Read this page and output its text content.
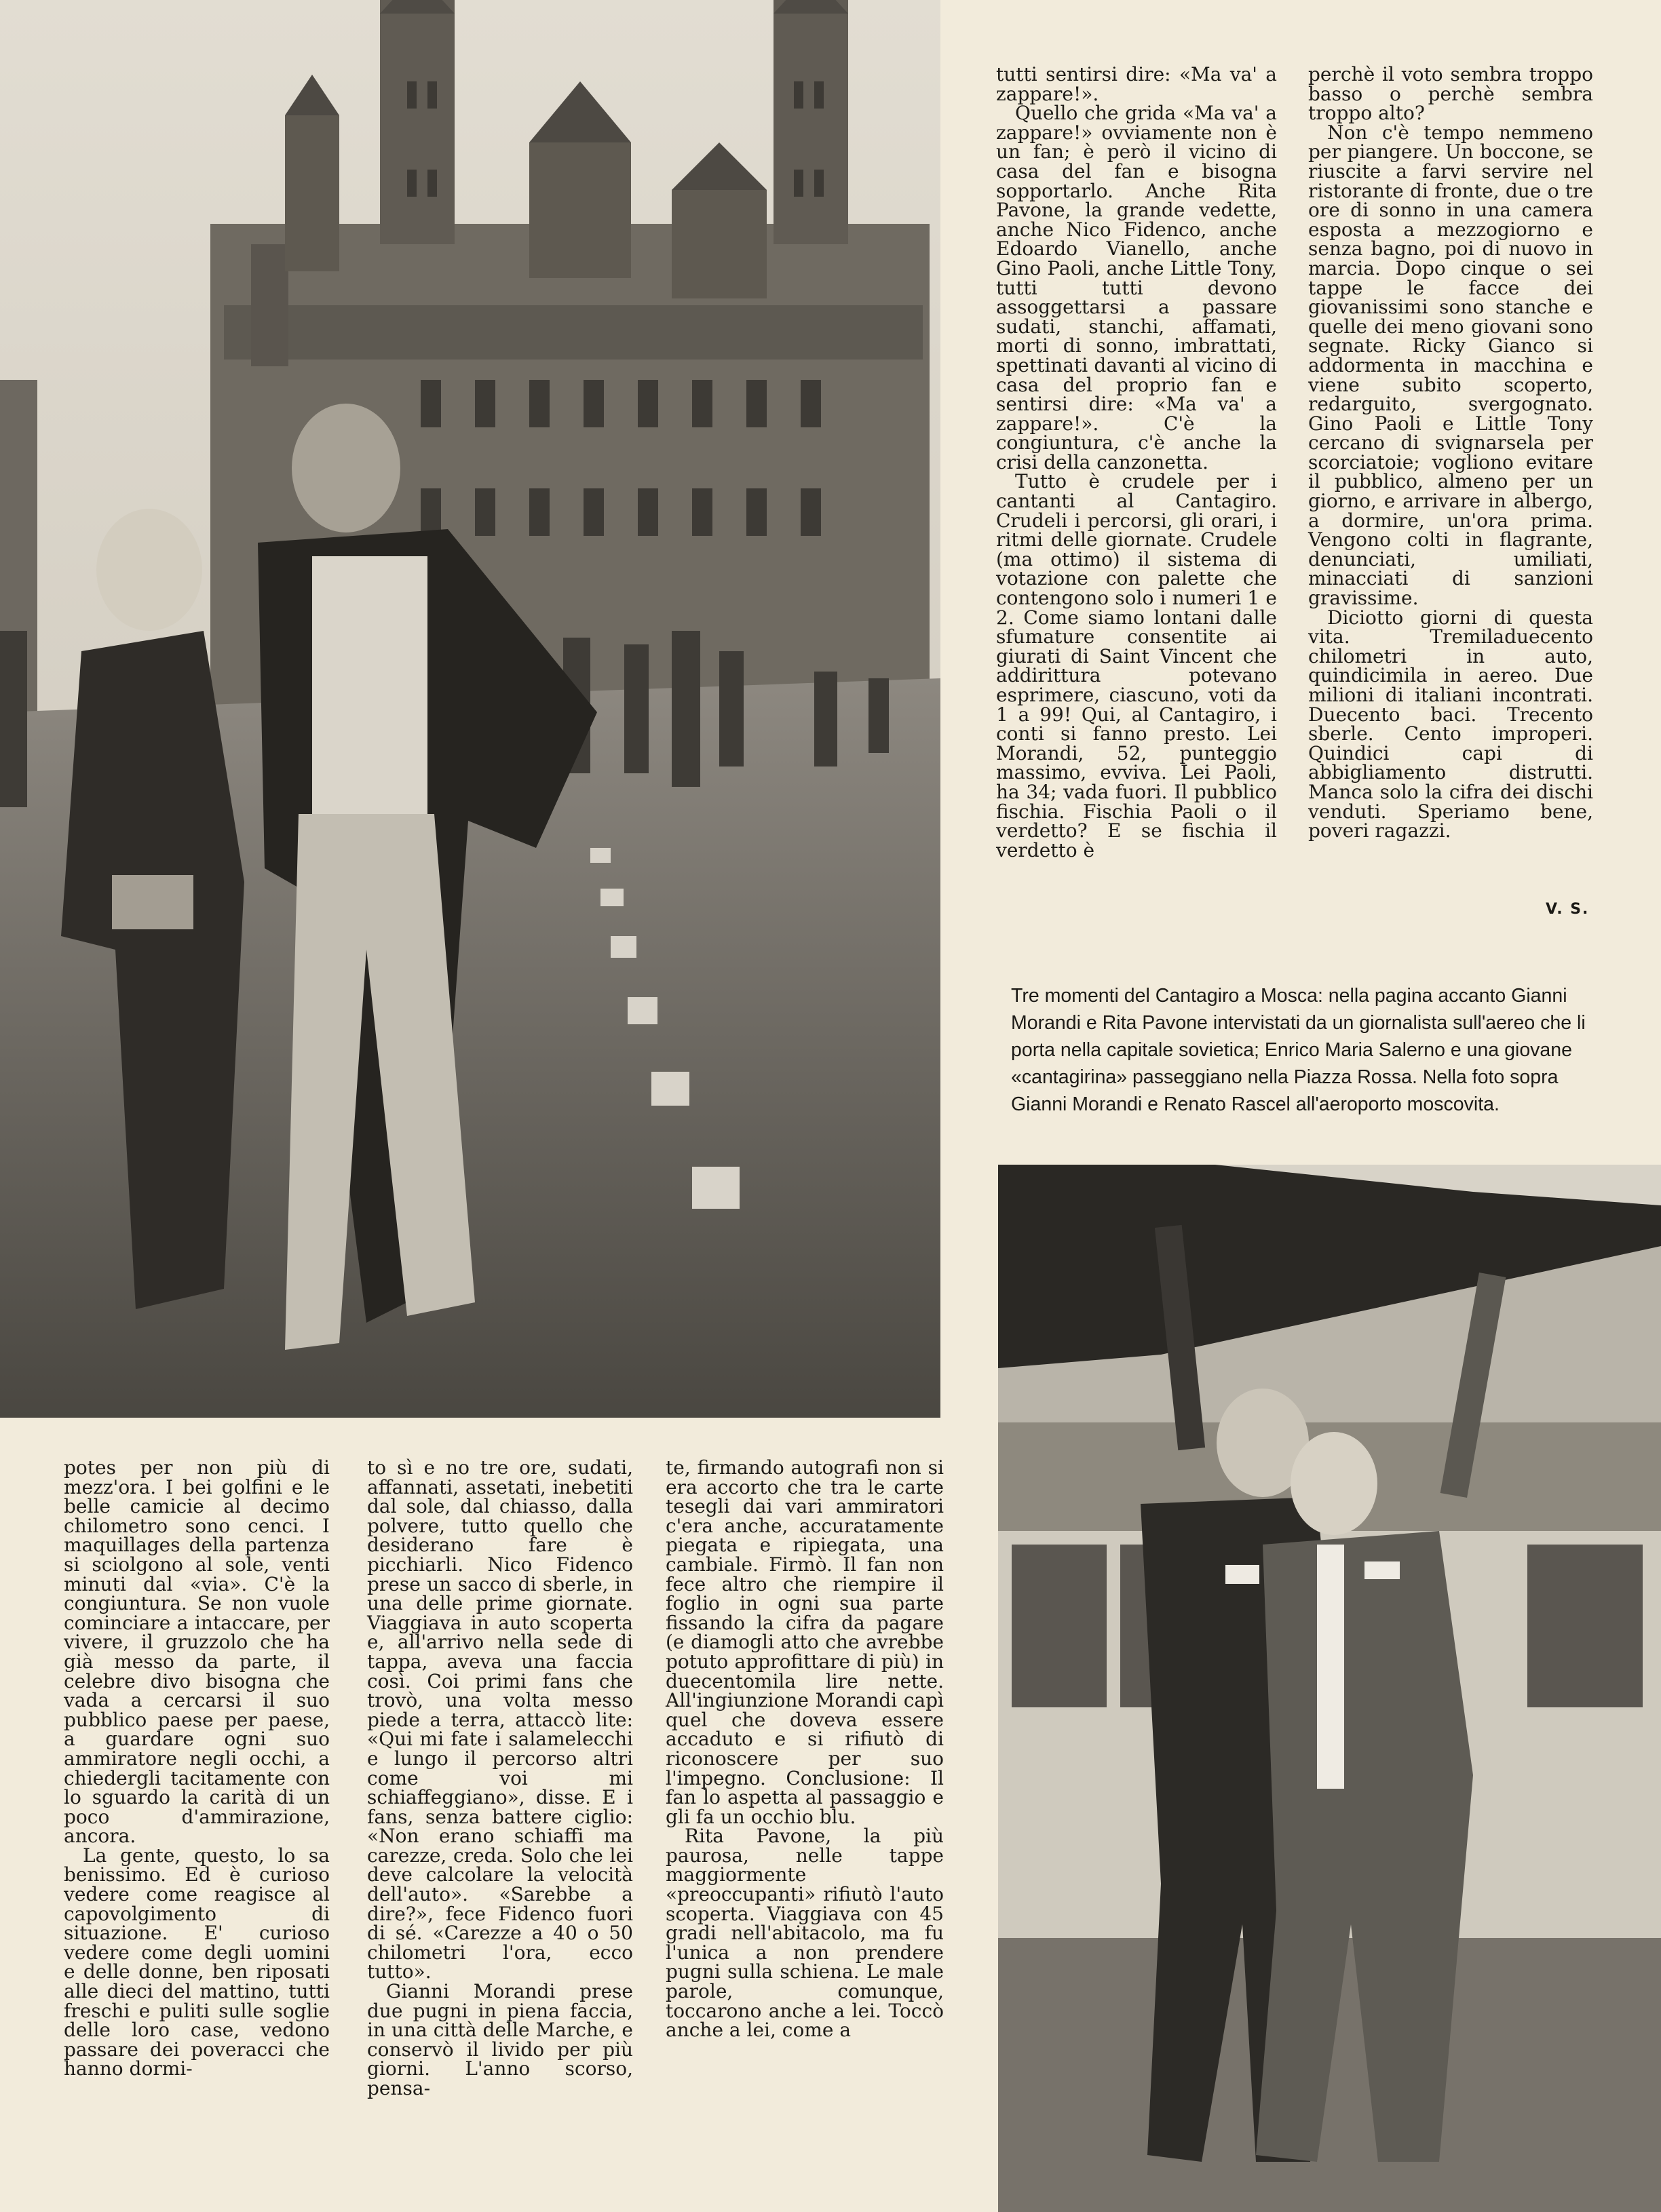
tutti sentirsi dire: «Ma va' a zappare!».

Quello che grida «Ma va' a zappare!» ovviamente non è un fan; è però il vicino di casa del fan e bisogna sopportarlo. Anche Rita Pavone, la grande vedette, anche Nico Fidenco, anche Edoardo Vianello, anche Gino Paoli, anche Little Tony, tutti tutti devono assoggettarsi a passare sudati, stanchi, affamati, morti di sonno, imbrattati, spettinati davanti al vicino di casa del proprio fan e sentirsi dire: «Ma va' a zappare!». C'è la congiuntura, c'è anche la crisi della canzonetta.

Tutto è crudele per i cantanti al Cantagiro. Crudeli i percorsi, gli orari, i ritmi delle giornate. Crudele (ma ottimo) il sistema di votazione con palette che contengono solo i numeri 1 e 2. Come siamo lontani dalle sfumature consentite ai giurati di Saint Vincent che addirittura potevano esprimere, ciascuno, voti da 1 a 99! Qui, al Cantagiro, i conti si fanno presto. Lei Morandi, 52, punteggio massimo, evviva. Lei Paoli, ha 34; vada fuori. Il pubblico fischia. Fischia Paoli o il verdetto? E se fischia il verdetto è

perchè il voto sembra troppo basso o perchè sembra troppo alto?

Non c'è tempo nemmeno per piangere. Un boccone, se riuscite a farvi servire nel ristorante di fronte, due o tre ore di sonno in una camera esposta a mezzogiorno e senza bagno, poi di nuovo in marcia. Dopo cinque o sei tappe le facce dei giovanissimi sono stanche e quelle dei meno giovani sono segnate. Ricky Gianco si addormenta in macchina e viene subito scoperto, redarguito, svergognato. Gino Paoli e Little Tony cercano di svignarsela per scorciatoie; vogliono evitare il pubblico, almeno per un giorno, e arrivare in albergo, a dormire, un'ora prima. Vengono colti in flagrante, denunciati, umiliati, minacciati di sanzioni gravissime.

Diciotto giorni di questa vita. Tremiladuecento chilometri in auto, quindicimila in aereo. Due milioni di italiani incontrati. Duecento baci. Trecento sberle. Cento improperi. Quindici capi di abbigliamento distrutti. Manca solo la cifra dei dischi venduti. Speriamo bene, poveri ragazzi.

V. S.
Tre momenti del Cantagiro a Mosca: nella pagina accanto Gianni Morandi e Rita Pavone intervistati da un giornalista sull'aereo che li porta nella capitale sovietica; Enrico Maria Salerno e una giovane «cantagirina» passeggiano nella Piazza Rossa. Nella foto sopra Gianni Morandi e Renato Rascel all'aeroporto moscovita.

potes per non più di mezz'ora. I bei golfini e le belle camicie al decimo chilometro sono cenci. I maquillages della partenza si sciolgono al sole, venti minuti dal «via». C'è la congiuntura. Se non vuole cominciare a intaccare, per vivere, il gruzzolo che ha già messo da parte, il celebre divo bisogna che vada a cercarsi il suo pubblico paese per paese, a guardare ogni suo ammiratore negli occhi, a chiedergli tacitamente con lo sguardo la carità di un poco d'ammirazione, ancora.

La gente, questo, lo sa benissimo. Ed è curioso vedere come reagisce al capovolgimento di situazione. E' curioso vedere come degli uomini e delle donne, ben riposati alle dieci del mattino, tutti freschi e puliti sulle soglie delle loro case, vedono passare dei poveracci che hanno dormi-

to sì e no tre ore, sudati, affannati, assetati, inebetiti dal sole, dal chiasso, dalla polvere, tutto quello che desiderano fare è picchiarli. Nico Fidenco prese un sacco di sberle, in una delle prime giornate. Viaggiava in auto scoperta e, all'arrivo nella sede di tappa, aveva una faccia così. Coi primi fans che trovò, una volta messo piede a terra, attaccò lite: «Qui mi fate i salamelecchi e lungo il percorso altri come voi mi schiaffeggiano», disse. E i fans, senza battere ciglio: «Non erano schiaffi ma carezze, creda. Solo che lei deve calcolare la velocità dell'auto». «Sarebbe a dire?», fece Fidenco fuori di sé. «Carezze a 40 o 50 chilometri l'ora, ecco tutto».

Gianni Morandi prese due pugni in piena faccia, in una città delle Marche, e conservò il livido per più giorni. L'anno scorso, pensa-

te, firmando autografi non si era accorto che tra le carte tesegli dai vari ammiratori c'era anche, accuratamente piegata e ripiegata, una cambiale. Firmò. Il fan non fece altro che riempire il foglio in ogni sua parte fissando la cifra da pagare (e diamogli atto che avrebbe potuto approfittare di più) in duecentomila lire nette. All'ingiunzione Morandi capì quel che doveva essere accaduto e si rifiutò di riconoscere per suo l'impegno. Conclusione: Il fan lo aspetta al passaggio e gli fa un occhio blu.

Rita Pavone, la più paurosa, nelle tappe maggiormente «preoccupanti» rifiutò l'auto scoperta. Viaggiava con 45 gradi nell'abitacolo, ma fu l'unica a non prendere pugni sulla schiena. Le male parole, comunque, toccarono anche a lei. Toccò anche a lei, come a
